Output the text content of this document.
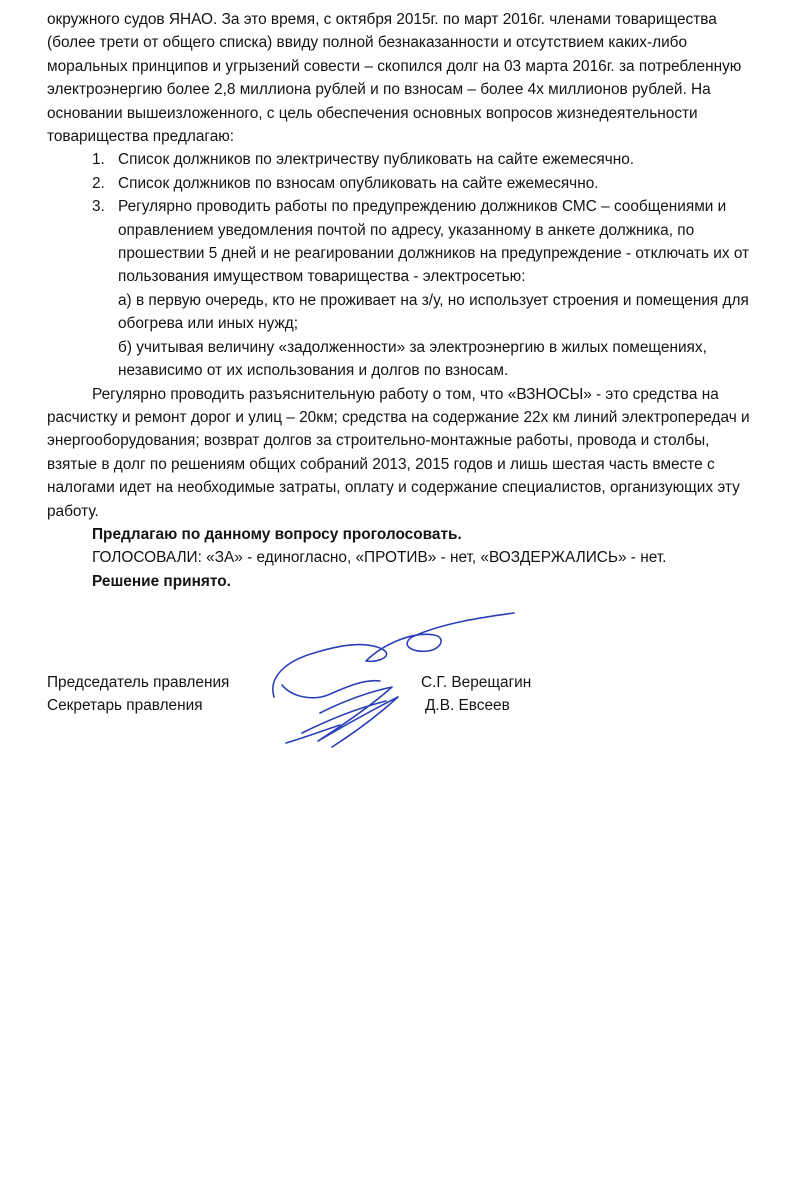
окружного судов ЯНАО. За это время, с октября 2015г. по март 2016г. членами товарищества
(более трети от общего списка) ввиду полной безнаказанности и отсутствием каких-либо
моральных принципов и угрызений совести – скопился долг на 03 марта 2016г. за потребленную
электроэнергию более 2,8 миллиона рублей и по взносам – более 4х миллионов рублей. На
основании вышеизложенного, с цель обеспечения основных вопросов жизнедеятельности
товарищества предлагаю:
1. Список должников по электричеству публиковать на сайте ежемесячно.
2. Список должников по взносам опубликовать на сайте ежемесячно.
3. Регулярно проводить работы по предупреждению должников СМС – сообщениями и
оправлением уведомления почтой по адресу, указанному в анкете должника, по
прошествии 5 дней и не реагировании должников на предупреждение - отключать их от
пользования имуществом товарищества - электросетью:
а) в первую очередь, кто не проживает на з/у, но использует строения и помещения для
обогрева или иных нужд;
б) учитывая величину «задолженности» за электроэнергию в жилых помещениях,
независимо от их использования и долгов по взносам.
Регулярно проводить разъяснительную работу о том, что «ВЗНОСЫ» - это средства на
расчистку и ремонт дорог и улиц – 20км; средства на содержание 22х км линий электропередач и
энергооборудования; возврат долгов за строительно-монтажные работы, провода и столбы,
взятые в долг по решениям общих собраний 2013, 2015 годов и лишь шестая часть вместе с
налогами идет на необходимые затраты, оплату и содержание специалистов, организующих эту
работу.
Предлагаю по данному вопросу проголосовать.
ГОЛОСОВАЛИ: «ЗА» - единогласно, «ПРОТИВ» - нет, «ВОЗДЕРЖАЛИСЬ» - нет.
Решение принято.
Председатель правления	С.Г. Верещагин
Секретарь правления	Д.В. Евсеев
